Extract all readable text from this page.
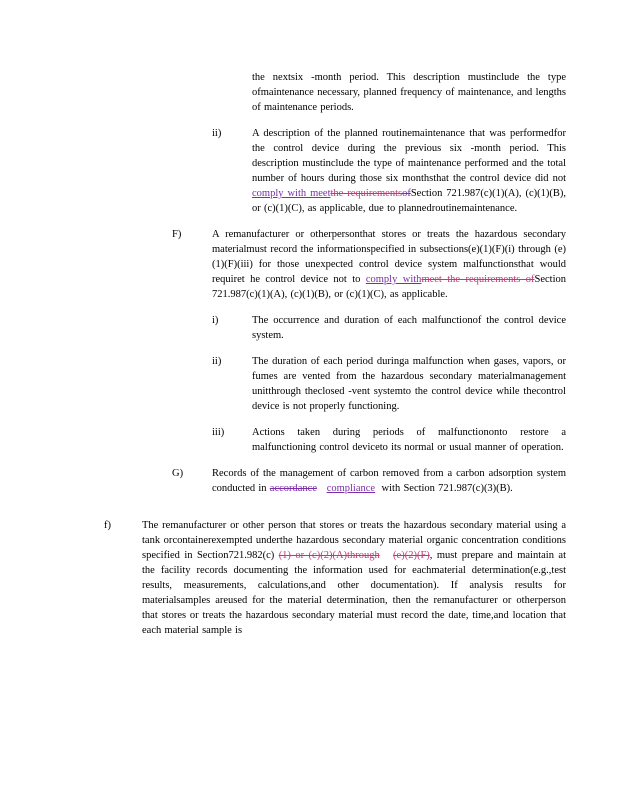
the nextsix -month period. This description mustinclude the type ofmaintenance necessary, planned frequency of maintenance, and lengths of maintenance periods.
ii)	A description of the planned routinemaintenance that was performedfor the control device during the previous six -month period. This description mustinclude the type of maintenance performed and the total number of hours during those six monthsthat the control device did not comply with meetthe requirementsofSection 721.987(c)(1)(A), (c)(1)(B), or (c)(1)(C), as applicable, due to plannedroutinemaintenance.
F)	A remanufacturer or otherpersonthat stores or treats the hazardous secondary materialmust record the informationspecified in subsections(e)(1)(F)(i) through (e)(1)(F)(iii) for those unexpected control device system malfunctionsthat would requiret he control device not to comply withmeet the requirements ofSection 721.987(c)(1)(A), (c)(1)(B), or (c)(1)(C), as applicable.
i)	The occurrence and duration of each malfunctionof the control device system.
ii)	The duration of each period duringa malfunction when gases, vapors, or fumes are vented from the hazardous secondary materialmanagement unitthrough theclosed -vent systemto the control device while thecontrol device is not properly functioning.
iii)	Actions taken during periods of malfunctiononto restore a malfunctioning control deviceto its normal or usual manner of operation.
G)	Records of the management of carbon removed from a carbon adsorption system conducted in accordance compliance with Section 721.987(c)(3)(B).
f)	The remanufacturer or other person that stores or treats the hazardous secondary material using a tank orcontainerexempted underthe hazardous secondary material organic concentration conditions specified in Section721.982(c) (1) or (c)(2)(A)through (e)(2)(F), must prepare and maintain at the facility records documenting the information used for eachmaterial determination(e.g.,test results, measurements, calculations,and other documentation). If analysis results for materialsamples areused for the material determination, then the remanufacturer or otherperson that stores or treats the hazardous secondary material must record the date, time,and location that each material sample is
